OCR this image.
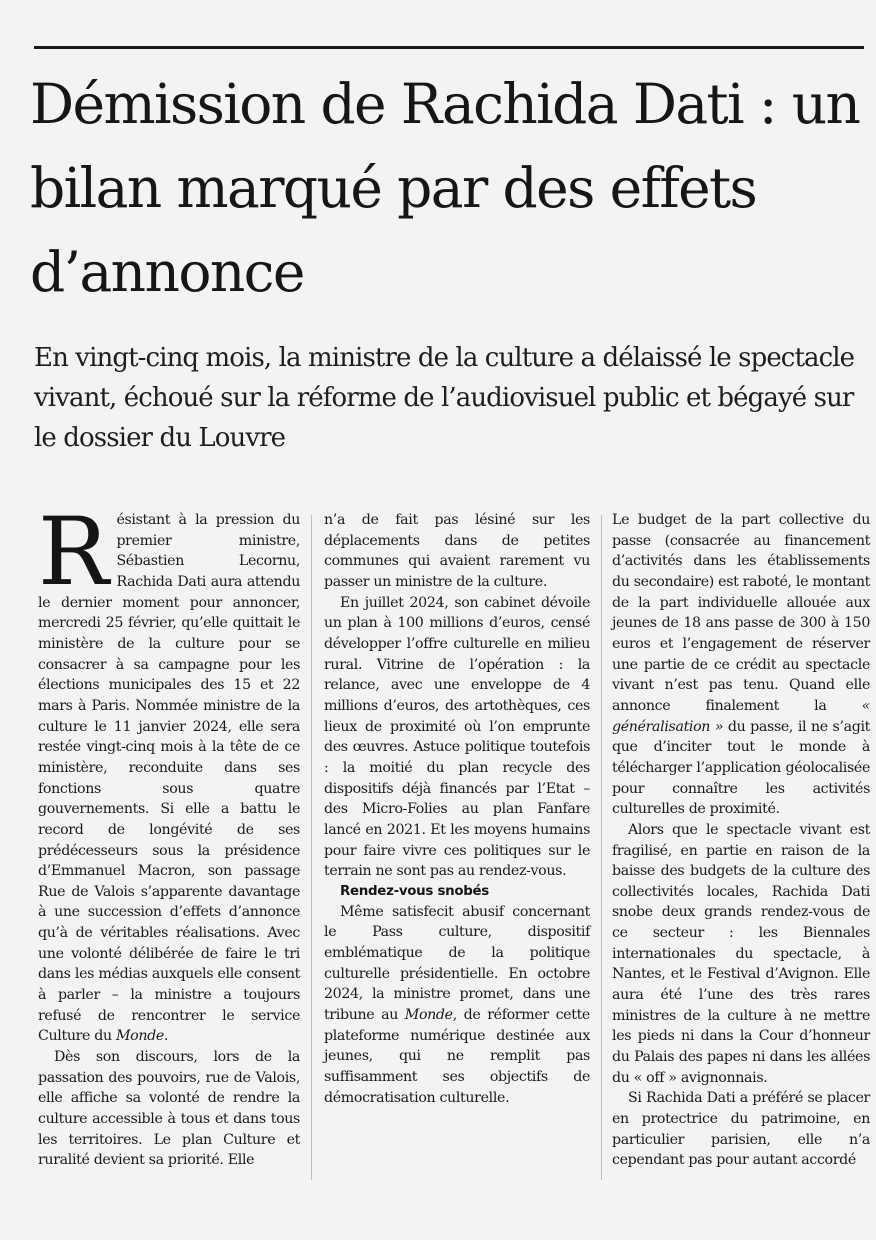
Démission de Rachida Dati : un bilan marqué par des effets d’annonce

En vingt-cinq mois, la ministre de la culture a délaissé le spectacle vivant, échoué sur la réforme de l’audiovisuel public et bégayé sur le dossier du Louvre

Résistant à la pression du premier ministre, Sébastien Lecornu, Rachida Dati aura attendu le dernier moment pour annoncer, mercredi 25 février, qu’elle quittait le ministère de la culture pour se consacrer à sa campagne pour les élections municipales des 15 et 22 mars à Paris. Nommée ministre de la culture le 11 janvier 2024, elle sera restée vingt-cinq mois à la tête de ce ministère, reconduite dans ses fonctions sous quatre gouvernements. Si elle a battu le record de longévité de ses prédécesseurs sous la présidence d’Emmanuel Macron, son passage Rue de Valois s’apparente davantage à une succession d’effets d’annonce qu’à de véritables réalisations. Avec une volonté délibérée de faire le tri dans les médias auxquels elle consent à parler – la ministre a toujours refusé de rencontrer le service Culture du Monde.

Dès son discours, lors de la passation des pouvoirs, rue de Valois, elle affiche sa volonté de rendre la culture accessible à tous et dans tous les territoires. Le plan Culture et ruralité devient sa priorité. Elle

n’a de fait pas lésiné sur les déplacements dans de petites communes qui avaient rarement vu passer un ministre de la culture.

En juillet 2024, son cabinet dévoile un plan à 100 millions d’euros, censé développer l’offre culturelle en milieu rural. Vitrine de l’opération : la relance, avec une enveloppe de 4 millions d’euros, des artothèques, ces lieux de proximité où l’on emprunte des œuvres. Astuce politique toutefois : la moitié du plan recycle des dispositifs déjà financés par l’Etat – des Micro-Folies au plan Fanfare lancé en 2021. Et les moyens humains pour faire vivre ces politiques sur le terrain ne sont pas au rendez-vous.

Rendez-vous snobés

Même satisfecit abusif concernant le Pass culture, dispositif emblématique de la politique culturelle présidentielle. En octobre 2024, la ministre promet, dans une tribune au Monde, de réformer cette plateforme numérique destinée aux jeunes, qui ne remplit pas suffisamment ses objectifs de démocratisation culturelle.

Le budget de la part collective du passe (consacrée au financement d’activités dans les établissements du secondaire) est raboté, le montant de la part individuelle allouée aux jeunes de 18 ans passe de 300 à 150 euros et l’engagement de réserver une partie de ce crédit au spectacle vivant n’est pas tenu. Quand elle annonce finalement la « généralisation » du passe, il ne s’agit que d’inciter tout le monde à télécharger l’application géolocalisée pour connaître les activités culturelles de proximité.

Alors que le spectacle vivant est fragilisé, en partie en raison de la baisse des budgets de la culture des collectivités locales, Rachida Dati snobe deux grands rendez-vous de ce secteur : les Biennales internationales du spectacle, à Nantes, et le Festival d’Avignon. Elle aura été l’une des très rares ministres de la culture à ne mettre les pieds ni dans la Cour d’honneur du Palais des papes ni dans les allées du « off » avignonnais.

Si Rachida Dati a préféré se placer en protectrice du patrimoine, en particulier parisien, elle n’a cependant pas pour autant accordé
